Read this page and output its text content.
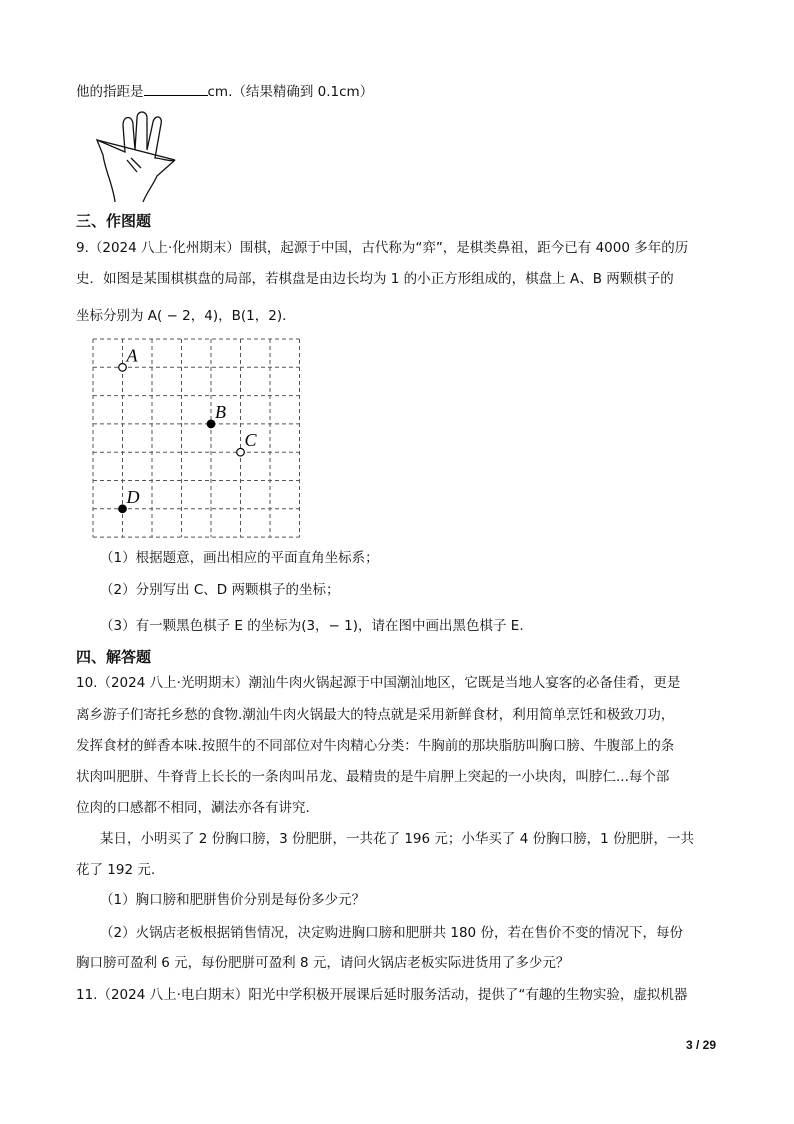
他的指距是	cm.（结果精确到 0.1cm）
三、作图题
9.（2024 八上·化州期末）围棋，起源于中国，古代称为“弈”，是棋类鼻祖，距今已有 4000 多年的历
史．如图是某围棋棋盘的局部，若棋盘是由边长均为 1 的小正方形组成的，棋盘上 A、B 两颗棋子的
坐标分别为 A( − 2，4)，B(1，2)．
A
B
C
D
（1）根据题意，画出相应的平面直角坐标系；
（2）分别写出 C、D 两颗棋子的坐标；
（3）有一颗黑色棋子 E 的坐标为(3，− 1)，请在图中画出黑色棋子 E.
四、解答题
10.（2024 八上·光明期末）潮汕牛肉火锅起源于中国潮汕地区，它既是当地人宴客的必备佳肴，更是
离乡游子们寄托乡愁的食物.潮汕牛肉火锅最大的特点就是采用新鲜食材，利用简单烹饪和极致刀功，
发挥食材的鲜香本味.按照牛的不同部位对牛肉精心分类：牛胸前的那块脂肪叫胸口膀、牛腹部上的条
状肉叫肥胼、牛脊背上长长的一条肉叫吊龙、最精贵的是牛肩胛上突起的一小块肉，叫脖仁...每个部
位肉的口感都不相同，涮法亦各有讲究.
某日，小明买了 2 份胸口膀，3 份肥胼，一共花了 196 元；小华买了 4 份胸口膀，1 份肥胼，一共
花了 192 元.
（1）胸口膀和肥胼售价分别是每份多少元？
（2）火锅店老板根据销售情况，决定购进胸口膀和肥胼共 180 份，若在售价不变的情况下，每份
胸口膀可盈利 6 元，每份肥胼可盈利 8 元，请问火锅店老板实际进货用了多少元？
11.（2024 八上·电白期末）阳光中学积极开展课后延时服务活动，提供了“有趣的生物实验，虚拟机器
3 / 29
